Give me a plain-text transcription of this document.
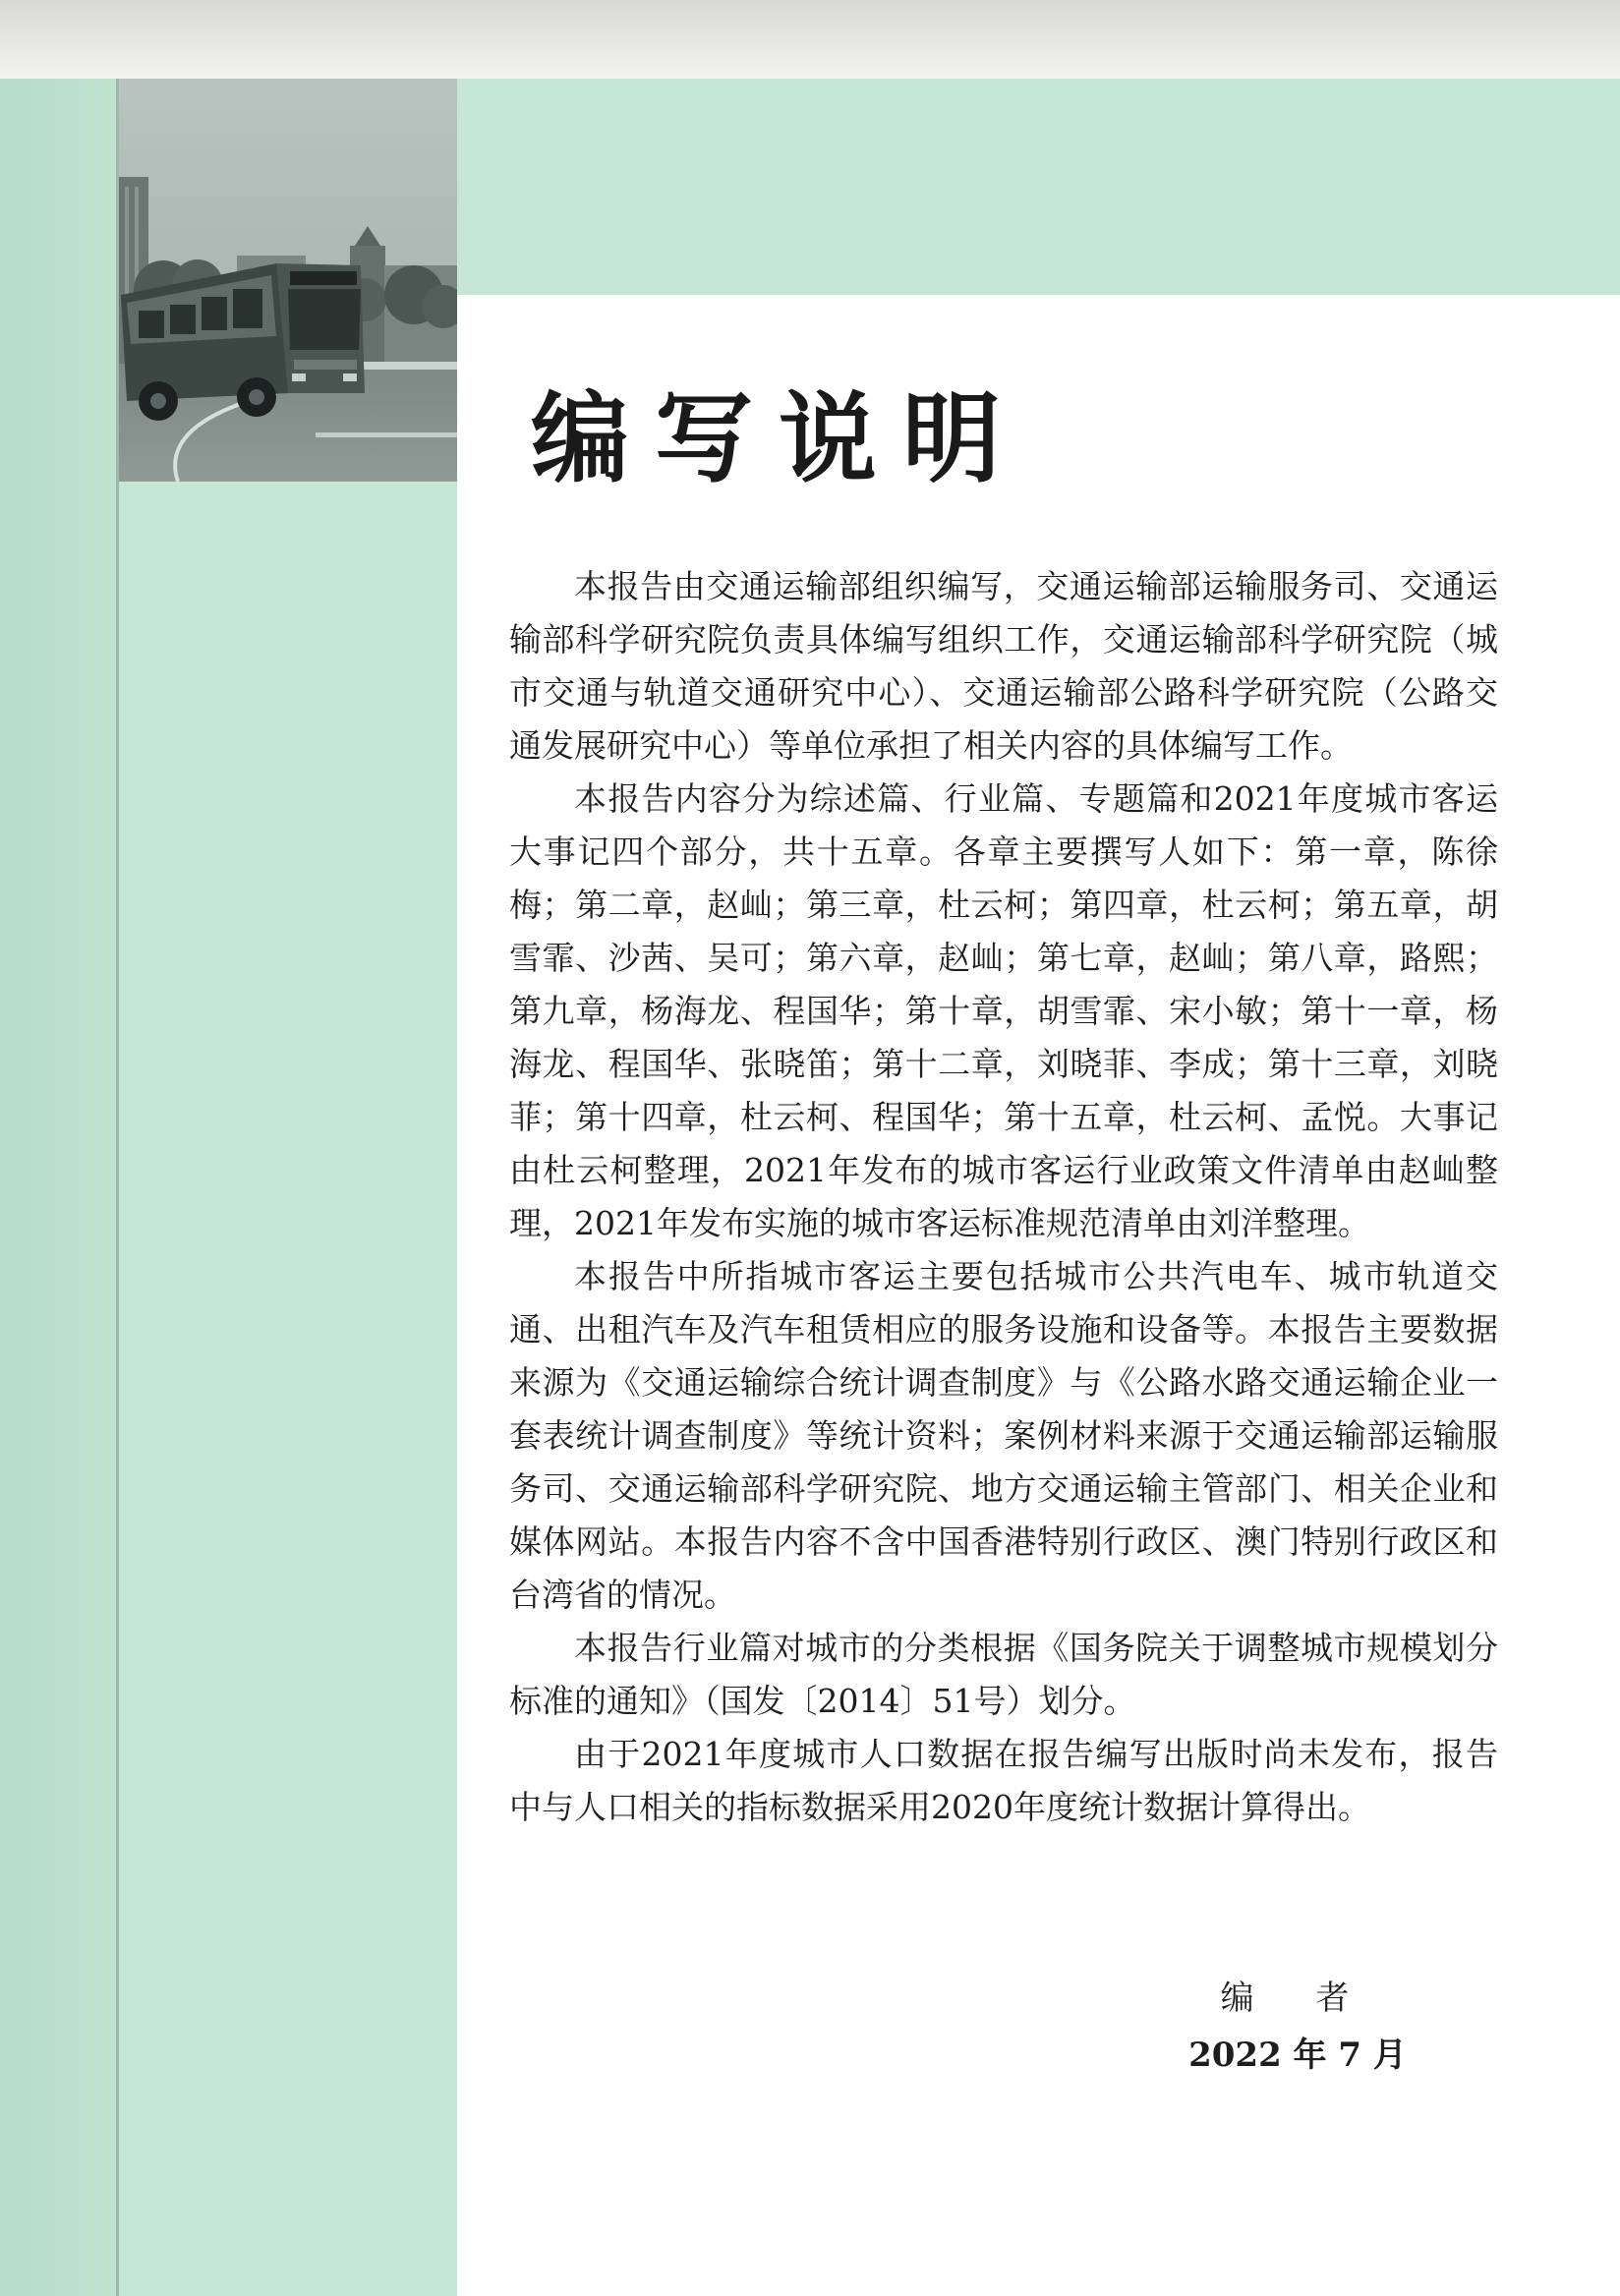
编写说明

本报告由交通运输部组织编写，交通运输部运输服务司、交通运输部科学研究院负责具体编写组织工作，交通运输部科学研究院（城市交通与轨道交通研究中心）、交通运输部公路科学研究院（公路交通发展研究中心）等单位承担了相关内容的具体编写工作。

本报告内容分为综述篇、行业篇、专题篇和2021年度城市客运大事记四个部分，共十五章。各章主要撰写人如下：第一章，陈徐梅；第二章，赵屾；第三章，杜云柯；第四章，杜云柯；第五章，胡雪霏、沙茜、吴可；第六章，赵屾；第七章，赵屾；第八章，路熙；第九章，杨海龙、程国华；第十章，胡雪霏、宋小敏；第十一章，杨海龙、程国华、张晓笛；第十二章，刘晓菲、李成；第十三章，刘晓菲；第十四章，杜云柯、程国华；第十五章，杜云柯、孟悦。大事记由杜云柯整理，2021年发布的城市客运行业政策文件清单由赵屾整理，2021年发布实施的城市客运标准规范清单由刘洋整理。

本报告中所指城市客运主要包括城市公共汽电车、城市轨道交通、出租汽车及汽车租赁相应的服务设施和设备等。本报告主要数据来源为《交通运输综合统计调查制度》与《公路水路交通运输企业一套表统计调查制度》等统计资料；案例材料来源于交通运输部运输服务司、交通运输部科学研究院、地方交通运输主管部门、相关企业和媒体网站。本报告内容不含中国香港特别行政区、澳门特别行政区和台湾省的情况。

本报告行业篇对城市的分类根据《国务院关于调整城市规模划分标准的通知》（国发〔2014〕51号）划分。

由于2021年度城市人口数据在报告编写出版时尚未发布，报告中与人口相关的指标数据采用2020年度统计数据计算得出。

编 者
2022 年 7 月
